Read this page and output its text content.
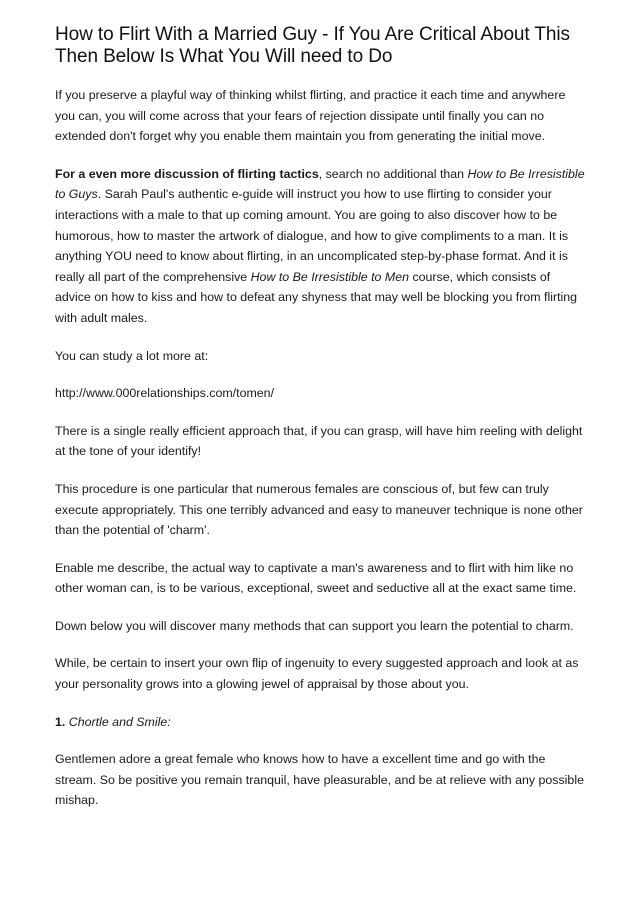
How to Flirt With a Married Guy - If You Are Critical About This Then Below Is What You Will need to Do

If you preserve a playful way of thinking whilst flirting, and practice it each time and anywhere you can, you will come across that your fears of rejection dissipate until finally you can no extended don't forget why you enable them maintain you from generating the initial move.

For a even more discussion of flirting tactics, search no additional than How to Be Irresistible to Guys. Sarah Paul's authentic e-guide will instruct you how to use flirting to consider your interactions with a male to that up coming amount. You are going to also discover how to be humorous, how to master the artwork of dialogue, and how to give compliments to a man. It is anything YOU need to know about flirting, in an uncomplicated step-by-phase format. And it is really all part of the comprehensive How to Be Irresistible to Men course, which consists of advice on how to kiss and how to defeat any shyness that may well be blocking you from flirting with adult males.

You can study a lot more at:

http://www.000relationships.com/tomen/

There is a single really efficient approach that, if you can grasp, will have him reeling with delight at the tone of your identify!

This procedure is one particular that numerous females are conscious of, but few can truly execute appropriately. This one terribly advanced and easy to maneuver technique is none other than the potential of 'charm'.

Enable me describe, the actual way to captivate a man's awareness and to flirt with him like no other woman can, is to be various, exceptional, sweet and seductive all at the exact same time.

Down below you will discover many methods that can support you learn the potential to charm.

While, be certain to insert your own flip of ingenuity to every suggested approach and look at as your personality grows into a glowing jewel of appraisal by those about you.

1. Chortle and Smile:

Gentlemen adore a great female who knows how to have a excellent time and go with the stream. So be positive you remain tranquil, have pleasurable, and be at relieve with any possible mishap.
